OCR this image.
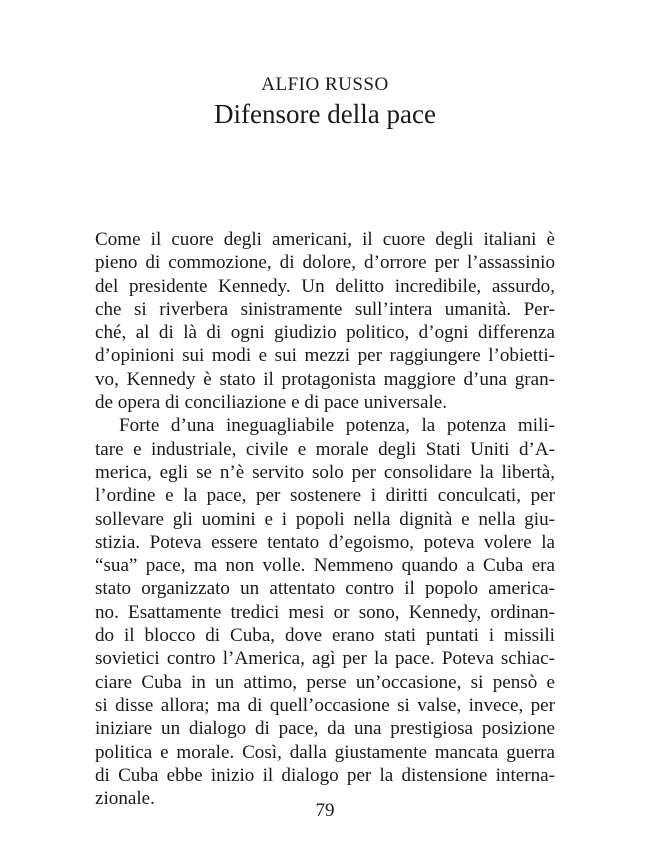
ALFIO RUSSO
Difensore della pace
Come il cuore degli americani, il cuore degli italiani è
pieno di commozione, di dolore, d’orrore per l’assassinio
del presidente Kennedy. Un delitto incredibile, assurdo,
che si riverbera sinistramente sull’intera umanità. Per-
ché, al di là di ogni giudizio politico, d’ogni differenza
d’opinioni sui modi e sui mezzi per raggiungere l’obietti-
vo, Kennedy è stato il protagonista maggiore d’una gran-
de opera di conciliazione e di pace universale.
Forte d’una ineguagliabile potenza, la potenza mili-
tare e industriale, civile e morale degli Stati Uniti d’A-
merica, egli se n’è servito solo per consolidare la libertà,
l’ordine e la pace, per sostenere i diritti conculcati, per
sollevare gli uomini e i popoli nella dignità e nella giu-
stizia. Poteva essere tentato d’egoismo, poteva volere la
“sua” pace, ma non volle. Nemmeno quando a Cuba era
stato organizzato un attentato contro il popolo america-
no. Esattamente tredici mesi or sono, Kennedy, ordinan-
do il blocco di Cuba, dove erano stati puntati i missili
sovietici contro l’America, agì per la pace. Poteva schiac-
ciare Cuba in un attimo, perse un’occasione, si pensò e
si disse allora; ma di quell’occasione si valse, invece, per
iniziare un dialogo di pace, da una prestigiosa posizione
politica e morale. Così, dalla giustamente mancata guerra
di Cuba ebbe inizio il dialogo per la distensione interna-
zionale.
79
